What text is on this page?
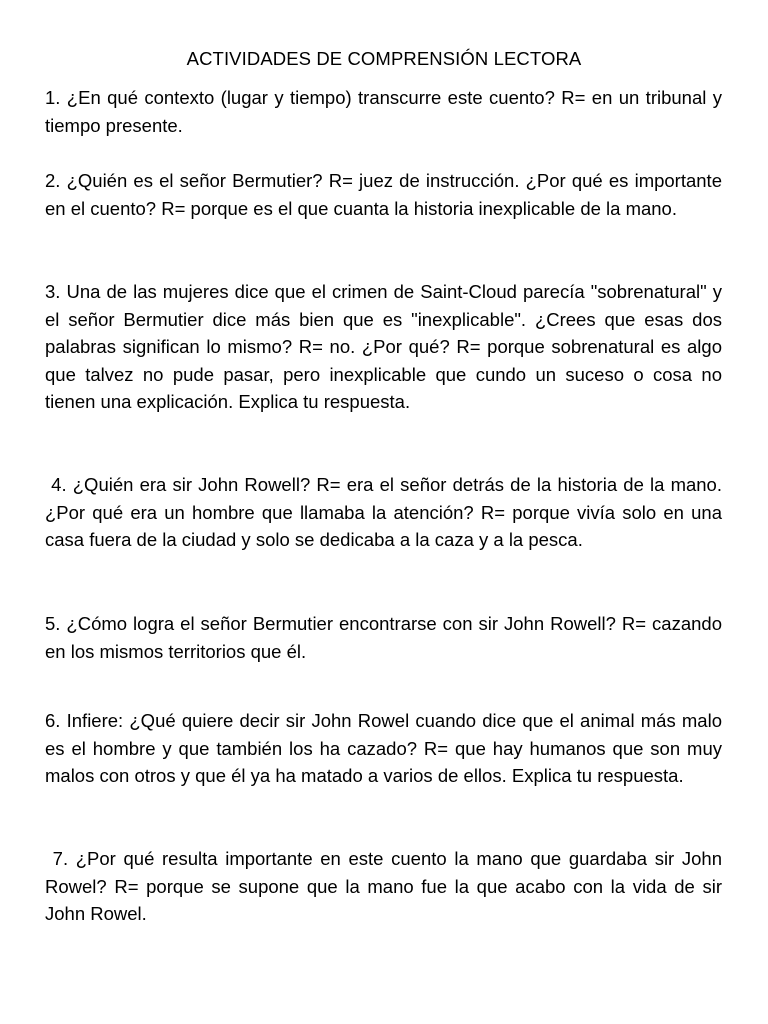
ACTIVIDADES DE COMPRENSIÓN LECTORA

1. ¿En qué contexto (lugar y tiempo) transcurre este cuento? R= en un tribunal y tiempo presente.

2. ¿Quién es el señor Bermutier? R= juez de instrucción. ¿Por qué es importante en el cuento? R= porque es el que cuanta la historia inexplicable de la mano.

3. Una de las mujeres dice que el crimen de Saint-Cloud parecía "sobrenatural" y el señor Bermutier dice más bien que es "inexplicable". ¿Crees que esas dos palabras significan lo mismo? R= no. ¿Por qué? R= porque sobrenatural es algo que talvez no pude pasar, pero inexplicable que cundo un suceso o cosa no tienen una explicación. Explica tu respuesta.

4. ¿Quién era sir John Rowell? R= era el señor detrás de la historia de la mano. ¿Por qué era un hombre que llamaba la atención? R= porque vivía solo en una casa fuera de la ciudad y solo se dedicaba a la caza y a la pesca.

5. ¿Cómo logra el señor Bermutier encontrarse con sir John Rowell? R= cazando en los mismos territorios que él.

6. Infiere: ¿Qué quiere decir sir John Rowel cuando dice que el animal más malo es el hombre y que también los ha cazado? R= que hay humanos que son muy malos con otros y que él ya ha matado a varios de ellos. Explica tu respuesta.

7. ¿Por qué resulta importante en este cuento la mano que guardaba sir John Rowel? R= porque se supone que la mano fue la que acabo con la vida de sir John Rowel.
